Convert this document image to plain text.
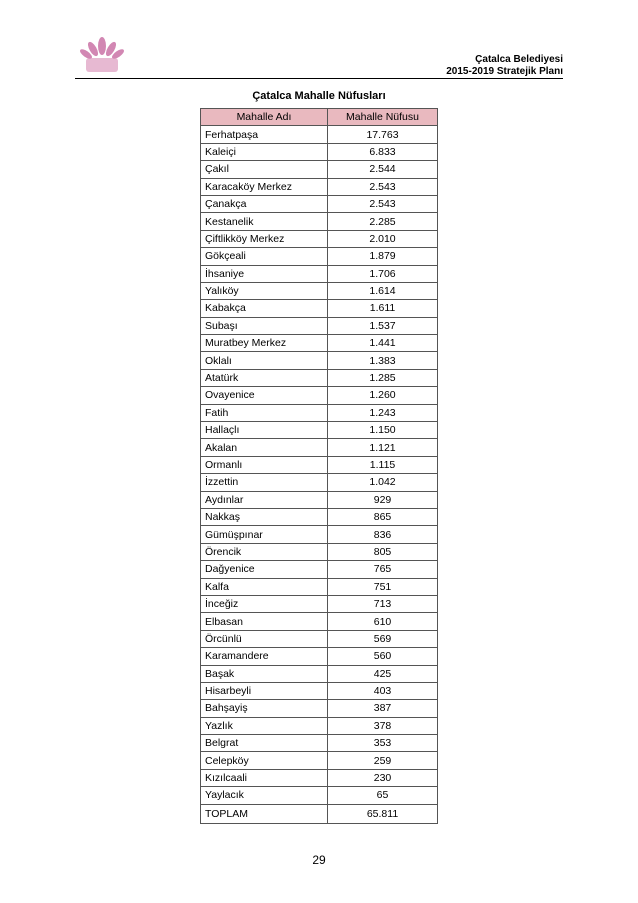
Çatalca Belediyesi
2015-2019 Stratejik Planı
Çatalca Mahalle Nüfusları
Mahalle Adı	Mahalle Nüfusu
Ferhatpaşa	17.763
Kaleiçi	6.833
Çakıl	2.544
Karacaköy Merkez	2.543
Çanakça	2.543
Kestanelik	2.285
Çiftlikköy Merkez	2.010
Gökçeali	1.879
İhsaniye	1.706
Yalıköy	1.614
Kabakça	1.611
Subaşı	1.537
Muratbey Merkez	1.441
Oklalı	1.383
Atatürk	1.285
Ovayenice	1.260
Fatih	1.243
Hallaçlı	1.150
Akalan	1.121
Ormanlı	1.115
İzzettin	1.042
Aydınlar	929
Nakkaş	865
Gümüşpınar	836
Örencik	805
Dağyenice	765
Kalfa	751
İnceğiz	713
Elbasan	610
Örcünlü	569
Karamandere	560
Başak	425
Hisarbeyli	403
Bahşayiş	387
Yazlık	378
Belgrat	353
Celepköy	259
Kızılcaali	230
Yaylacık	65
TOPLAM	65.811
29
